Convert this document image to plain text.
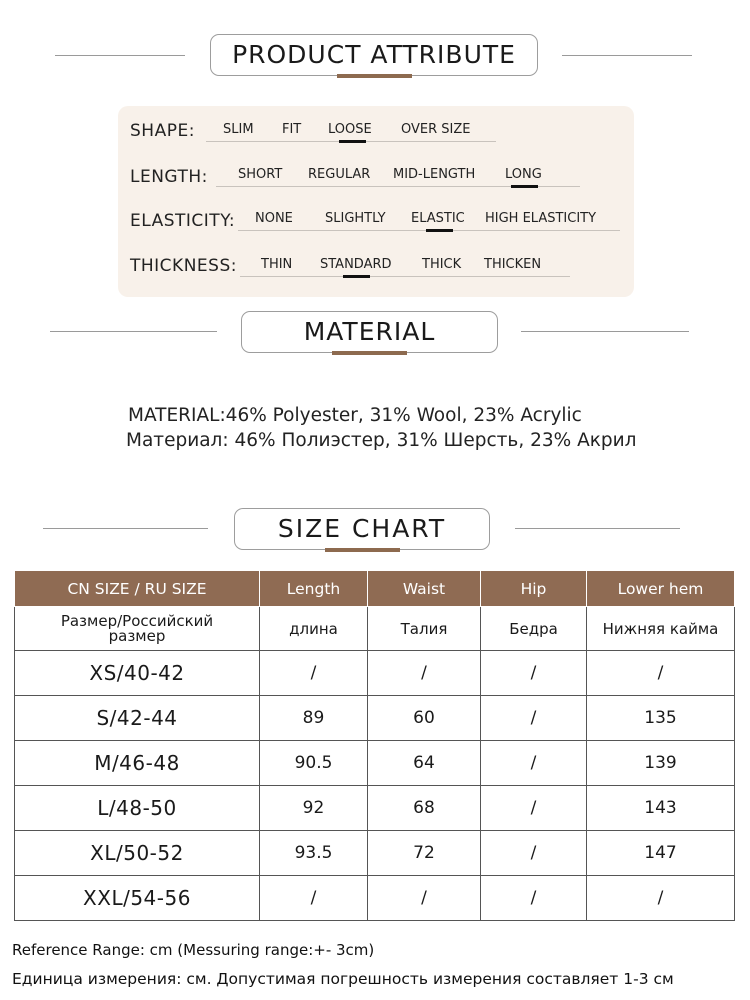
PRODUCT ATTRIBUTE
SHAPE: SLIM FIT LOOSE OVER SIZE
LENGTH: SHORT REGULAR MID-LENGTH LONG
ELASTICITY: NONE SLIGHTLY ELASTIC HIGH ELASTICITY
THICKNESS: THIN STANDARD THICK THICKEN
MATERIAL
MATERIAL:46% Polyester, 31% Wool, 23% Acrylic
Материал: 46% Полиэстер, 31% Шерсть, 23% Акрил
SIZE CHART
CN SIZE / RU SIZE	Length	Waist	Hip	Lower hem
Размер/Российский размер	длина	Талия	Бедра	Нижняя кайма
XS/40-42	/	/	/	/
S/42-44	89	60	/	135
M/46-48	90.5	64	/	139
L/48-50	92	68	/	143
XL/50-52	93.5	72	/	147
XXL/54-56	/	/	/	/
Reference Range: cm (Messuring range:+- 3cm)
Единица измерения: см. Допустимая погрешность измерения составляет 1-3 см
